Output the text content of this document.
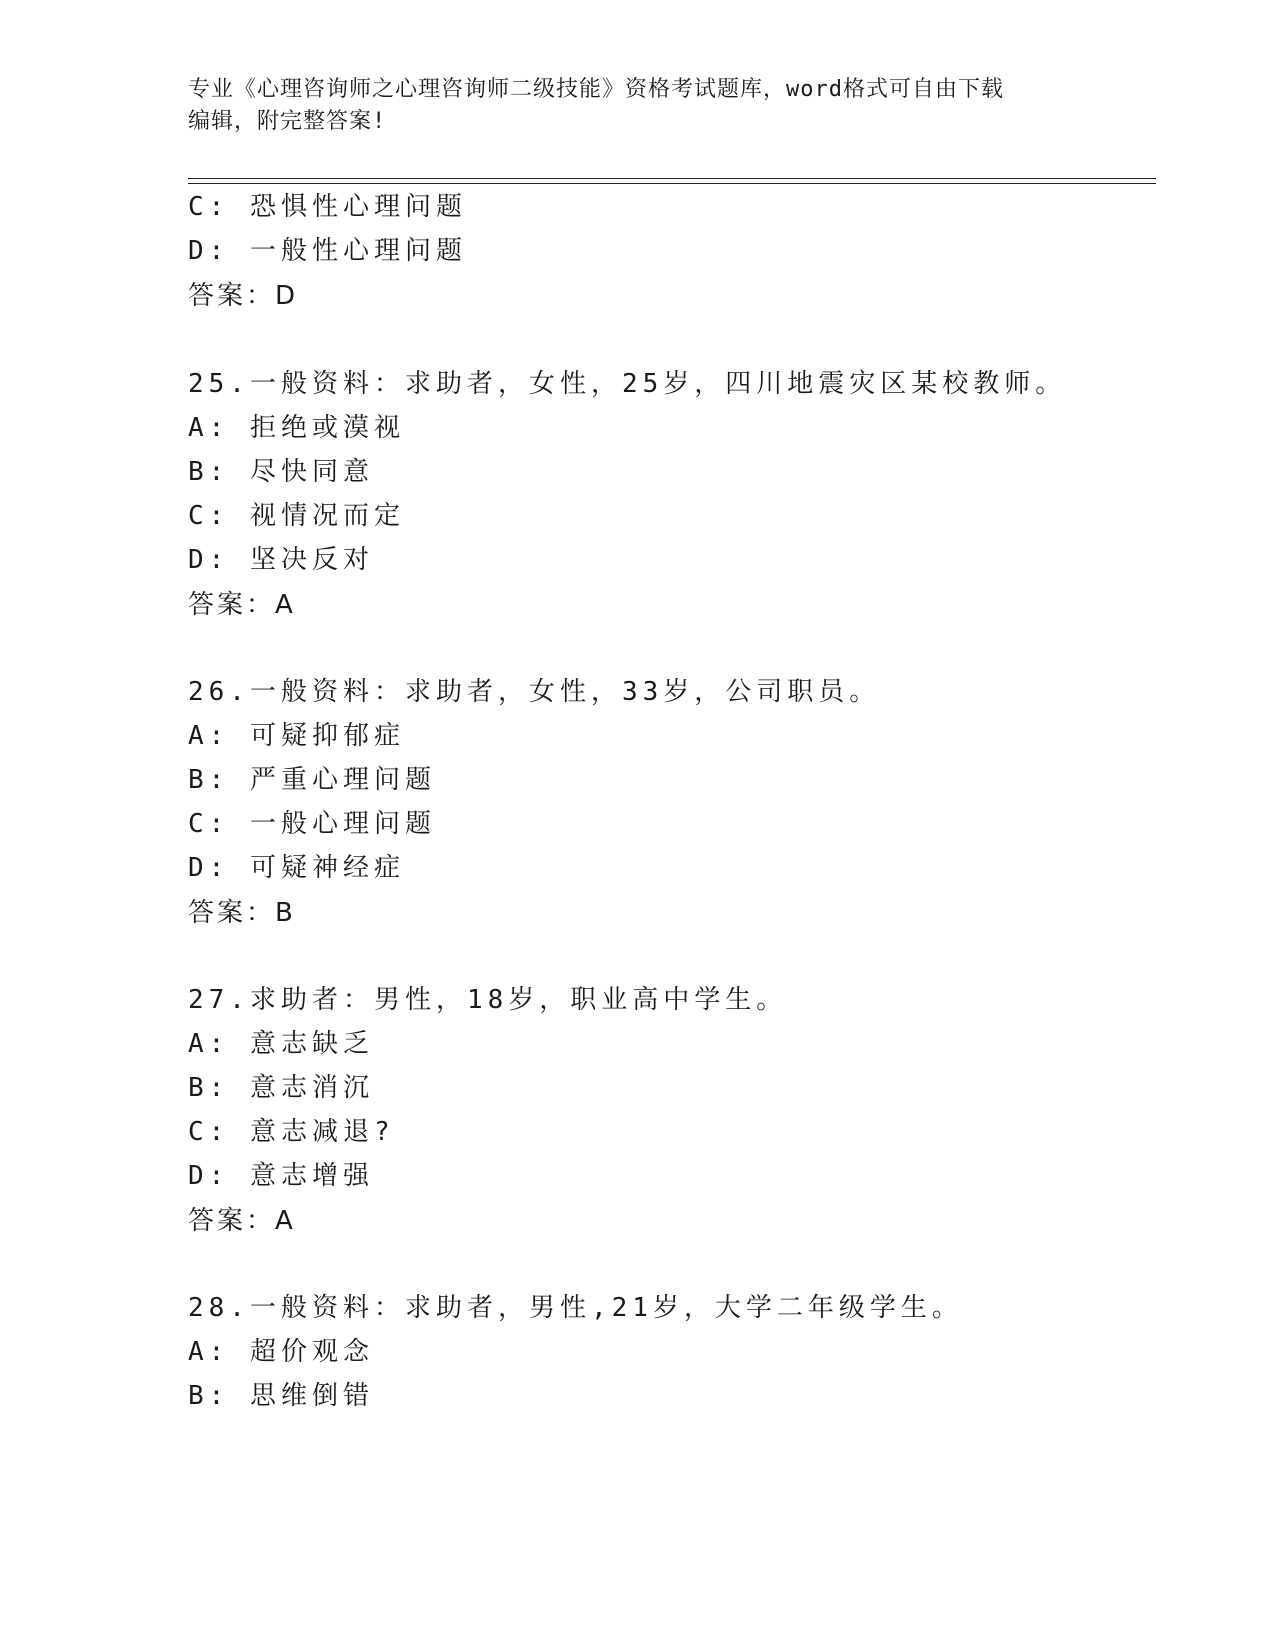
专业《心理咨询师之心理咨询师二级技能》资格考试题库，word格式可自由下载
编辑，附完整答案!
C: 恐惧性心理问题
D: 一般性心理问题
答案：D
25.一般资料：求助者，女性，25岁，四川地震灾区某校教师。
A: 拒绝或漠视
B: 尽快同意
C: 视情况而定
D: 坚决反对
答案：A
26.一般资料：求助者，女性，33岁，公司职员。
A: 可疑抑郁症
B: 严重心理问题
C: 一般心理问题
D: 可疑神经症
答案：B
27.求助者：男性，18岁，职业高中学生。
A: 意志缺乏
B: 意志消沉
C: 意志减退?
D: 意志增强
答案：A
28.一般资料：求助者，男性,21岁，大学二年级学生。
A: 超价观念
B: 思维倒错
